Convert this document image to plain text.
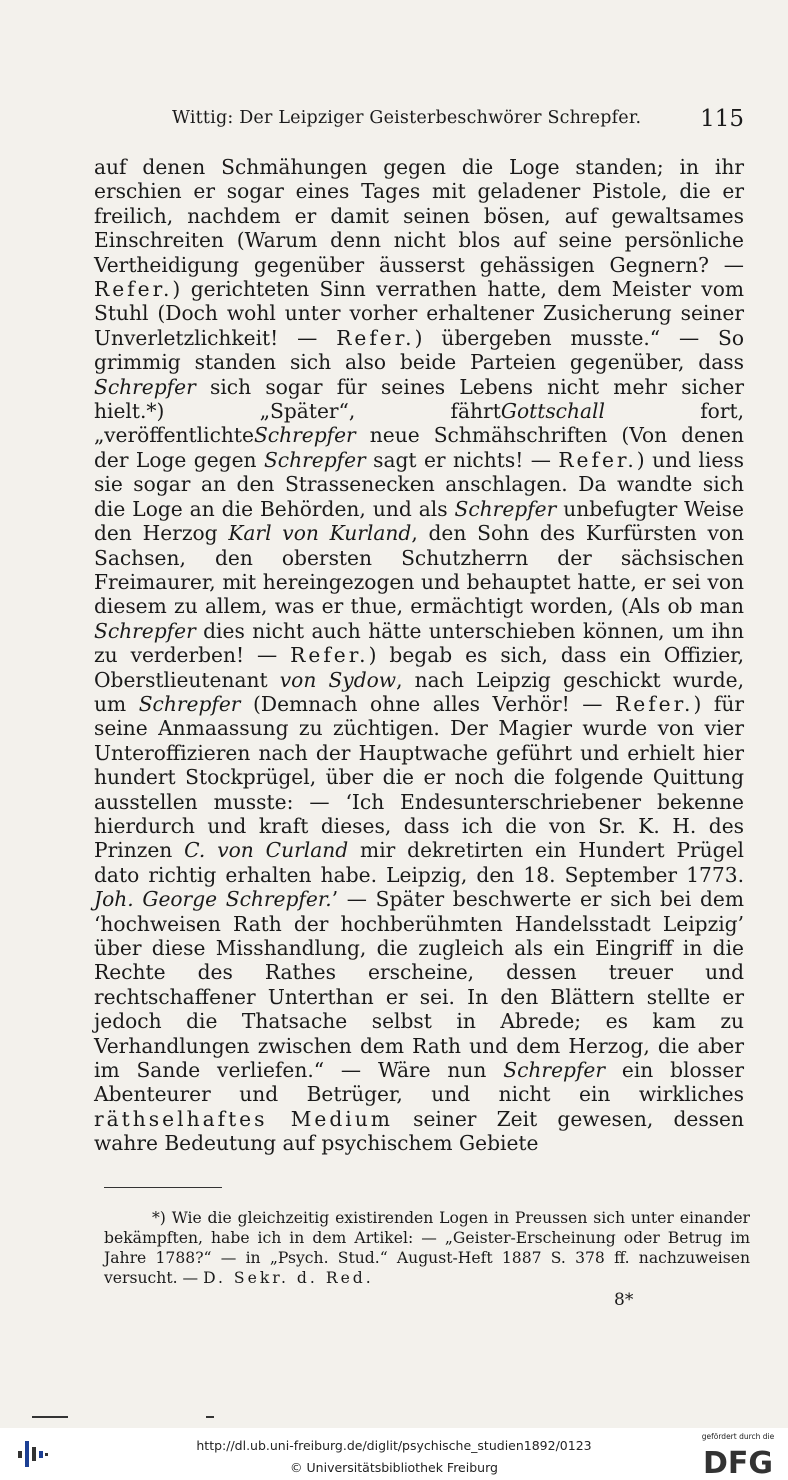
Wittig: Der Leipziger Geisterbeschwörer Schrepfer.	115

auf denen Schmähungen gegen die Loge standen; in ihr erschien er sogar eines Tages mit geladener Pistole, die er freilich, nachdem er damit seinen bösen, auf gewaltsames Einschreiten (Warum denn nicht blos auf seine persönliche Vertheidigung gegenüber äusserst gehässigen Gegnern? — Refer.) gerichteten Sinn verrathen hatte, dem Meister vom Stuhl (Doch wohl unter vorher erhaltener Zusicherung seiner Unverletzlichkeit! — Refer.) übergeben musste.“ — So grimmig standen sich also beide Parteien gegenüber, dass Schrepfer sich sogar für seines Lebens nicht mehr sicher hielt.*) „Später“, fährtGottschall	fort, „veröffentlichteSchrepfer neue Schmähschriften (Von denen der Loge gegen Schrepfer sagt er nichts! — Refer.) und liess sie sogar an den Strassenecken anschlagen. Da wandte sich die Loge an die Behörden, und als Schrepfer unbefugter Weise den Herzog Karl von Kurland, den Sohn des Kurfürsten von Sachsen, den obersten Schutzherrn der sächsischen Freimaurer, mit hereingezogen und behauptet hatte, er sei von diesem zu allem, was er thue, ermächtigt worden, (Als ob man Schrepfer dies nicht auch hätte unterschieben können, um ihn zu verderben! — Refer.) begab es sich, dass ein Offizier, Oberstlieutenant von Sydow, nach Leipzig geschickt wurde, um Schrepfer (Demnach ohne alles Verhör! — Refer.) für seine Anmaassung zu züchtigen. Der Magier wurde von vier Unteroffizieren nach der Hauptwache geführt und erhielt hier hundert Stockprügel, über die er noch die folgende Quittung ausstellen musste: — ‘Ich Endesunterschriebener bekenne hierdurch und kraft dieses, dass ich die von Sr. K. H. des Prinzen C. von Curland mir dekretirten ein Hundert Prügel dato richtig erhalten habe. Leipzig, den 18. September 1773. Joh. George Schrepfer.’ — Später beschwerte er sich bei dem ‘hochweisen Rath der hochberühmten Handelsstadt Leipzig’ über diese Misshandlung, die zugleich als ein Eingriff in die Rechte des Rathes erscheine, dessen treuer und rechtschaffener Unterthan er sei. In den Blättern stellte er jedoch die Thatsache selbst in Abrede; es kam zu Verhandlungen zwischen dem Rath und dem Herzog, die aber im Sande verliefen.“ — Wäre nun Schrepfer ein blosser Abenteurer und Betrüger, und nicht ein wirkliches räthselhaftes Medium seiner Zeit gewesen, dessen wahre Bedeutung auf psychischem Gebiete

*) Wie die gleichzeitig existirenden Logen in Preussen sich unter einander bekämpften, habe ich in dem Artikel: — „Geister-Erscheinung oder Betrug im Jahre 1788?“ — in „Psych. Stud.“ August-Heft 1887 S. 378 ff. nachzuweisen versucht. — D. Sekr. d. Red.

8*
http://dl.ub.uni-freiburg.de/diglit/psychische_studien1892/0123
© Universitätsbibliothek Freiburg
gefördert durch die
DFG
